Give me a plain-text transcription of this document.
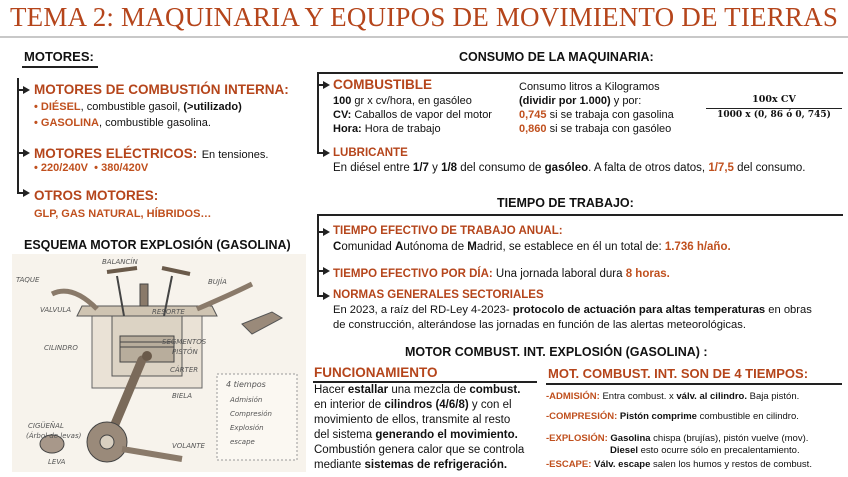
TEMA 2: MAQUINARIA Y EQUIPOS DE MOVIMIENTO DE TIERRAS
MOTORES:
MOTORES DE COMBUSTIÓN INTERNA:
• DIÉSEL, combustible gasoil, (>utilizado)
• GASOLINA, combustible gasolina.
MOTORES ELÉCTRICOS: En tensiones.
• 220/240V  • 380/420V
OTROS MOTORES:
GLP, GAS NATURAL, HÍBRIDOS…
ESQUEMA MOTOR EXPLOSIÓN (GASOLINA)
BALANCÍN
TAQUE
VALVULA
BUJÍA
RESORTE
CILINDRO
SEGMENTOS
PISTÓN
CÁRTER
BIELA
CIGÜEÑAL
(Árbol de levas)
LEVA
VOLANTE
4 tiempos
Admisión
Compresión
Explosión
escape
CONSUMO DE LA MAQUINARIA:
COMBUSTIBLE
100 gr x cv/hora, en gasóleo
CV: Caballos de vapor del motor
Hora: Hora de trabajo
Consumo litros a Kilogramos
(dividir por 1.000) y por:
0,745 si se trabaja con gasolina
0,860 si se trabaja con gasóleo
100x CV
1000 x (0, 86 ó 0, 745)
LUBRICANTE
En diésel entre 1/7 y 1/8 del consumo de gasóleo. A falta de otros datos, 1/7,5 del consumo.
TIEMPO DE TRABAJO:
TIEMPO EFECTIVO DE TRABAJO ANUAL:
Comunidad Autónoma de Madrid, se establece en él un total de: 1.736 h/año.
TIEMPO EFECTIVO POR DÍA: Una jornada laboral dura 8 horas.
NORMAS GENERALES SECTORIALES
En 2023, a raíz del RD-Ley 4-2023- protocolo de actuación para altas temperaturas en obras
de construcción, alterándose las jornadas en función de las alertas meteorológicas.
MOTOR COMBUST. INT. EXPLOSIÓN (GASOLINA) :
FUNCIONAMIENTO
Hacer estallar una mezcla de combust.
en interior de cilindros (4/6/8) y con el
movimiento de ellos, transmite al resto
del sistema generando el movimiento.
Combustión genera calor que se controla
mediante sistemas de refrigeración.
MOT. COMBUST. INT. SON DE 4 TIEMPOS:
-ADMISIÓN: Entra combust. x válv. al cilindro. Baja pistón.
-COMPRESIÓN: Pistón comprime combustible en cilindro.
-EXPLOSIÓN: Gasolina chispa (brujías), pistón vuelve (mov).
Diesel esto ocurre sólo en precalentamiento.
-ESCAPE: Válv. escape salen los humos y restos de combust.
